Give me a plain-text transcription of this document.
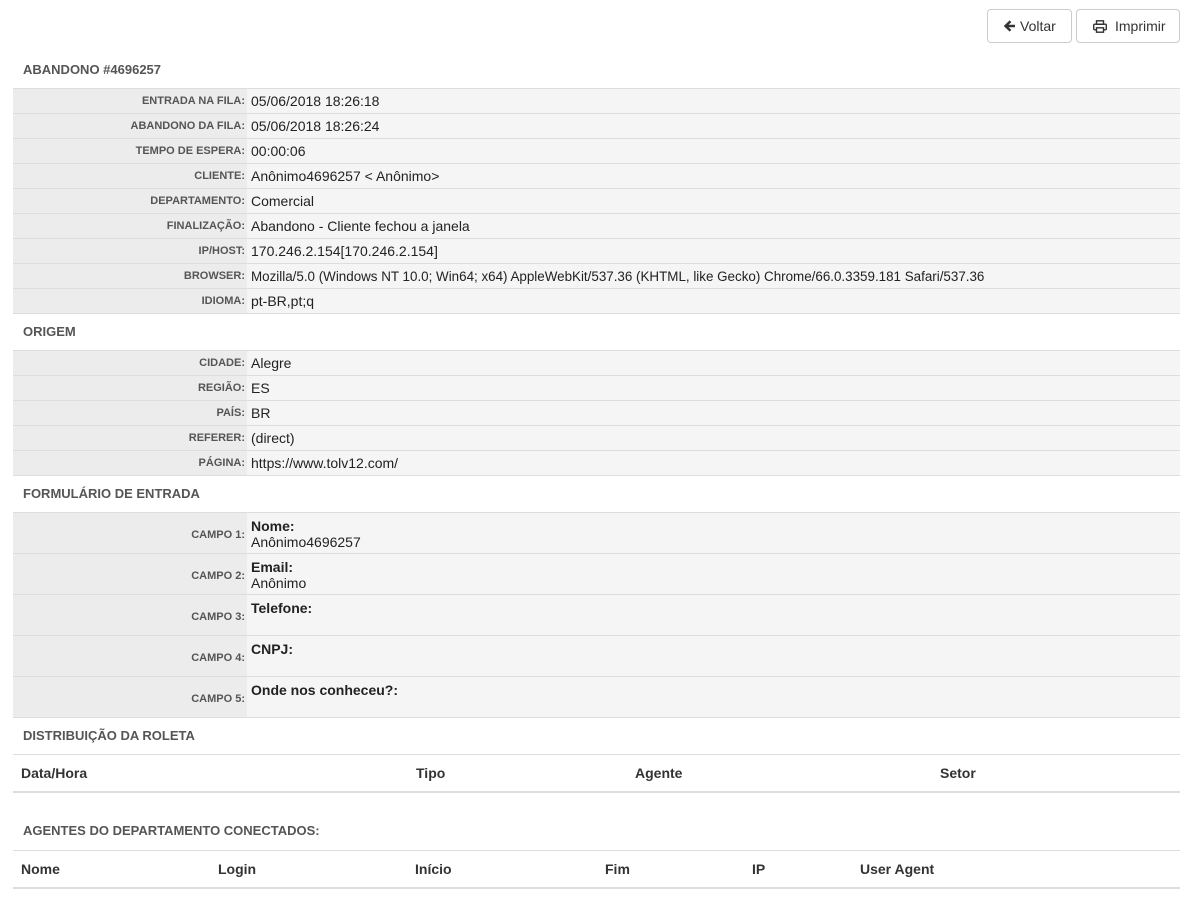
Voltar	Imprimir
ABANDONO #4696257
ENTRADA NA FILA:	05/06/2018 18:26:18
ABANDONO DA FILA:	05/06/2018 18:26:24
TEMPO DE ESPERA:	00:00:06
CLIENTE:	Anônimo4696257 < Anônimo>
DEPARTAMENTO:	Comercial
FINALIZAÇÃO:	Abandono - Cliente fechou a janela
IP/HOST:	170.246.2.154[170.246.2.154]
BROWSER:	Mozilla/5.0 (Windows NT 10.0; Win64; x64) AppleWebKit/537.36 (KHTML, like Gecko) Chrome/66.0.3359.181 Safari/537.36
IDIOMA:	pt-BR,pt;q
ORIGEM
CIDADE:	Alegre
REGIÃO:	ES
PAÍS:	BR
REFERER:	(direct)
PÁGINA:	https://www.tolv12.com/
FORMULÁRIO DE ENTRADA
CAMPO 1:	Nome:
Anônimo4696257

CAMPO 2:	Email:
Anônimo

CAMPO 3:	Telefone:

CAMPO 4:	CNPJ:

CAMPO 5:	Onde nos conheceu?:
DISTRIBUIÇÃO DA ROLETA
Data/Hora	Tipo	Agente	Setor
AGENTES DO DEPARTAMENTO CONECTADOS:
Nome	Login	Início	Fim	IP	User Agent
